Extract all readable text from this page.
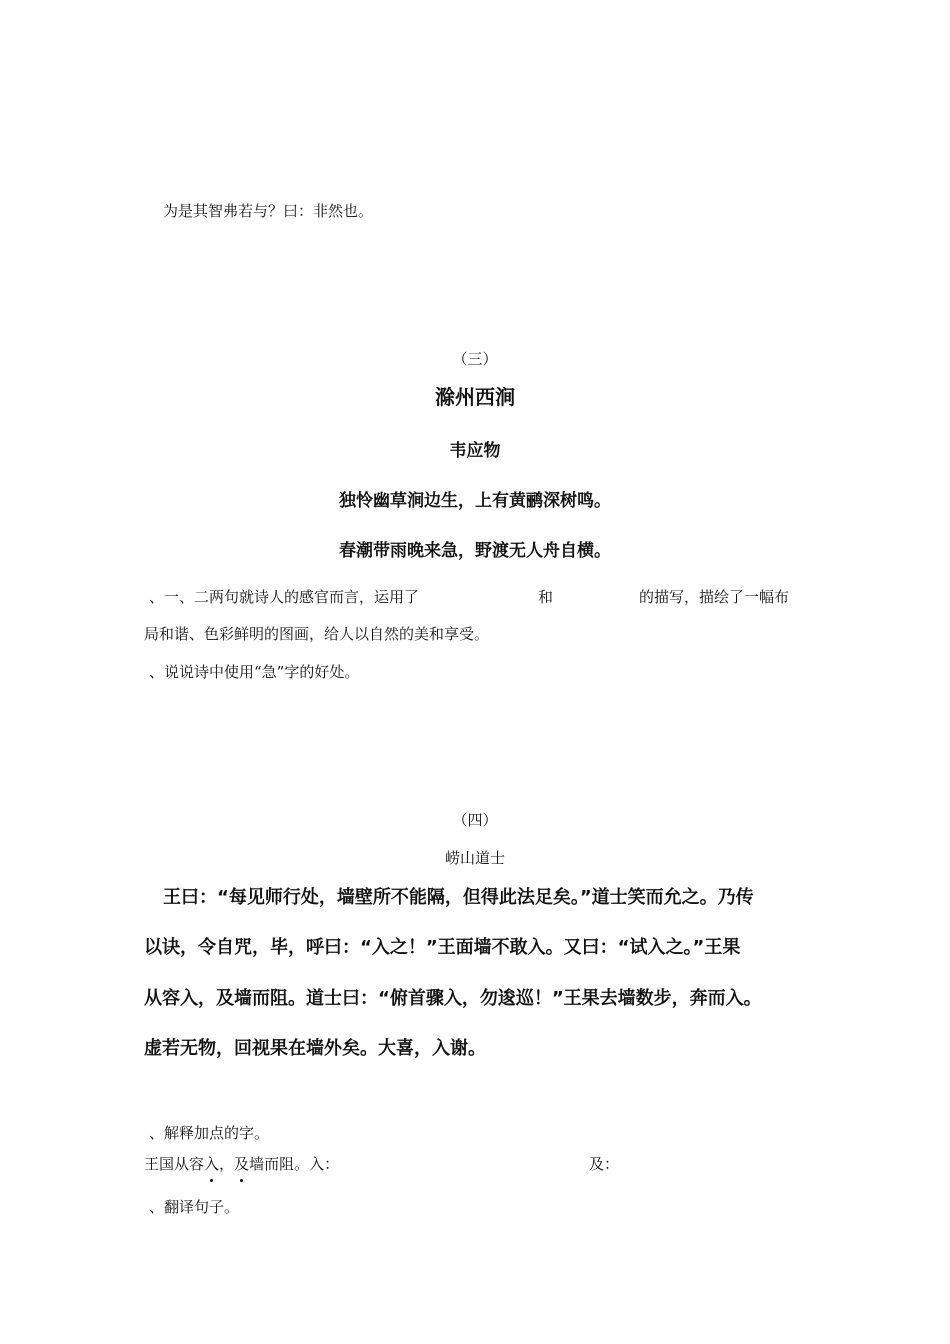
为是其智弗若与？曰：非然也。
（三）
滁州西涧
韦应物
独怜幽草涧边生，上有黄鹂深树鸣。
春潮带雨晚来急，野渡无人舟自横。
、一、二两句就诗人的感官而言，运用了	和	的描写，描绘了一幅布
局和谐、色彩鲜明的图画，给人以自然的美和享受。
、说说诗中使用“急”字的好处。
（四）
崂山道士
王曰：“每见师行处，墙壁所不能隔，但得此法足矣。”道士笑而允之。乃传
以诀，令自咒，毕，呼曰：“入之！”王面墙不敢入。又曰：“试入之。”王果
从容入，及墙而阻。道士曰：“俯首骤入，勿逡巡！”王果去墙数步，奔而入。
虚若无物，回视果在墙外矣。大喜，入谢。
、解释加点的字。
王国从容入，及墙而阻。入：	及：
、翻译句子。
